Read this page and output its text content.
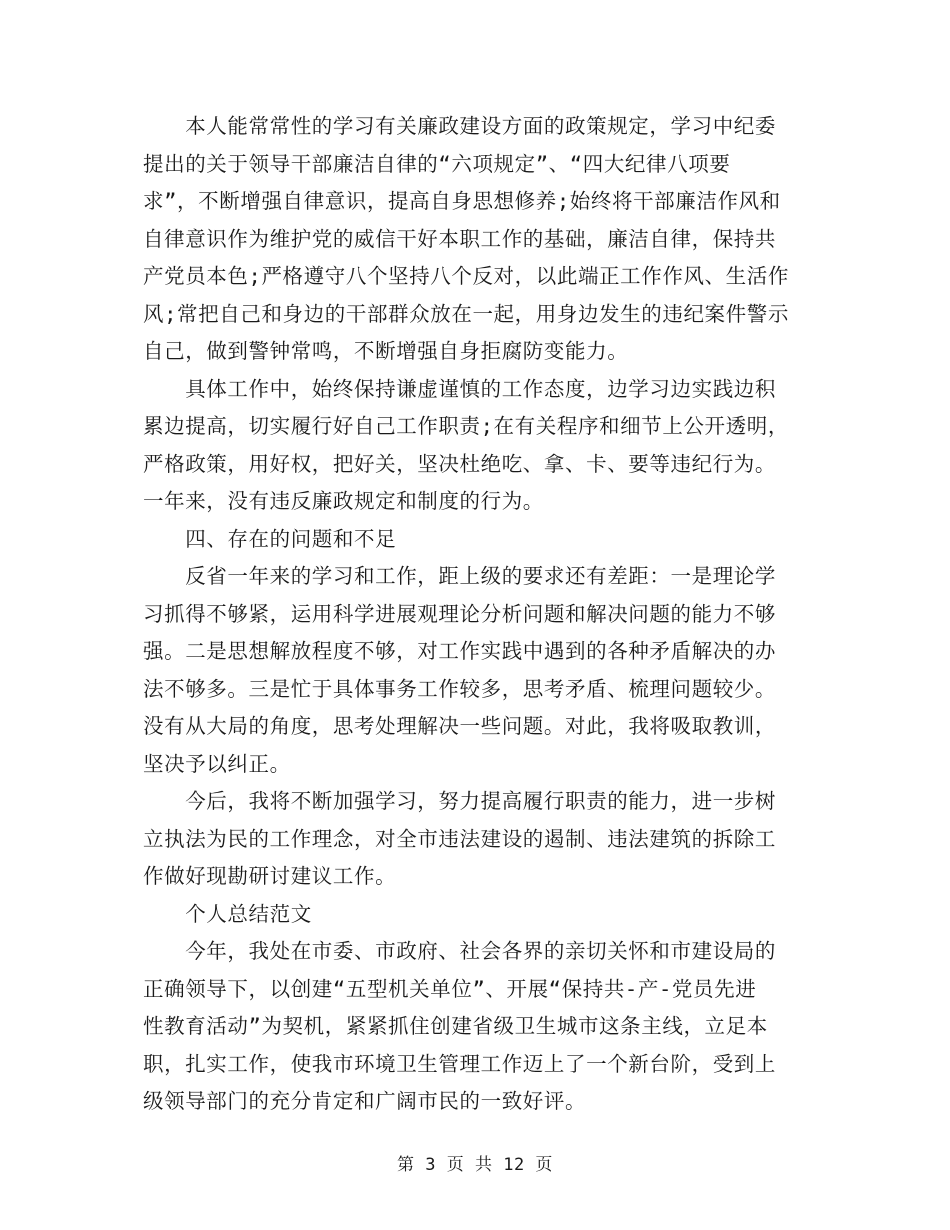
　　本人能常常性的学习有关廉政建设方面的政策规定，学习中纪委
提出的关于领导干部廉洁自律的“六项规定”、“四大纪律八项要
求”，不断增强自律意识，提高自身思想修养;始终将干部廉洁作风和
自律意识作为维护党的威信干好本职工作的基础，廉洁自律，保持共
产党员本色;严格遵守八个坚持八个反对，以此端正工作作风、生活作
风;常把自己和身边的干部群众放在一起，用身边发生的违纪案件警示
自己，做到警钟常鸣，不断增强自身拒腐防变能力。
　　具体工作中，始终保持谦虚谨慎的工作态度，边学习边实践边积
累边提高，切实履行好自己工作职责;在有关程序和细节上公开透明，
严格政策，用好权，把好关，坚决杜绝吃、拿、卡、要等违纪行为。
一年来，没有违反廉政规定和制度的行为。
　　四、存在的问题和不足
　　反省一年来的学习和工作，距上级的要求还有差距：一是理论学
习抓得不够紧，运用科学进展观理论分析问题和解决问题的能力不够
强。二是思想解放程度不够，对工作实践中遇到的各种矛盾解决的办
法不够多。三是忙于具体事务工作较多，思考矛盾、梳理问题较少。
没有从大局的角度，思考处理解决一些问题。对此，我将吸取教训，
坚决予以纠正。
　　今后，我将不断加强学习，努力提高履行职责的能力，进一步树
立执法为民的工作理念，对全市违法建设的遏制、违法建筑的拆除工
作做好现勘研讨建议工作。
　　个人总结范文
　　今年，我处在市委、市政府、社会各界的亲切关怀和市建设局的
正确领导下，以创建“五型机关单位”、开展“保持共-产-党员先进
性教育活动”为契机，紧紧抓住创建省级卫生城市这条主线，立足本
职，扎实工作，使我市环境卫生管理工作迈上了一个新台阶，受到上
级领导部门的充分肯定和广阔市民的一致好评。
第 3 页 共 12 页
